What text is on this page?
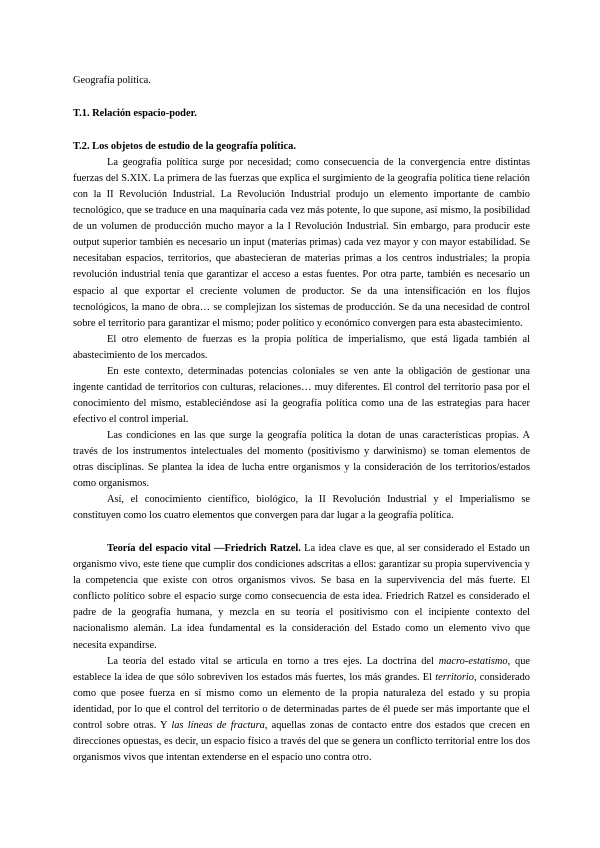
Geografía política.
T.1. Relación espacio-poder.
T.2. Los objetos de estudio de la geografía política.

La geografía política surge por necesidad; como consecuencia de la convergencia entre distintas fuerzas del S.XIX. La primera de las fuerzas que explica el surgimiento de la geografía política tiene relación con la II Revolución Industrial. La Revolución Industrial produjo un elemento importante de cambio tecnológico, que se traduce en una maquinaria cada vez más potente, lo que supone, así mismo, la posibilidad de un volumen de producción mucho mayor a la I Revolución Industrial. Sin embargo, para producir este output superior también es necesario un input (materias primas) cada vez mayor y con mayor estabilidad. Se necesitaban espacios, territorios, que abastecieran de materias primas a los centros industriales; la propia revolución industrial tenía que garantizar el acceso a estas fuentes. Por otra parte, también es necesario un espacio al que exportar el creciente volumen de productor. Se da una intensificación en los flujos tecnológicos, la mano de obra… se complejizan los sistemas de producción. Se da una necesidad de control sobre el territorio para garantizar el mismo; poder político y económico convergen para esta abastecimiento.

El otro elemento de fuerzas es la propia política de imperialismo, que está ligada también al abastecimiento de los mercados.

En este contexto, determinadas potencias coloniales se ven ante la obligación de gestionar una ingente cantidad de territorios con culturas, relaciones… muy diferentes. El control del territorio pasa por el conocimiento del mismo, estableciéndose así la geografía política como una de las estrategias para hacer efectivo el control imperial.

Las condiciones en las que surge la geografía política la dotan de unas características propias. A través de los instrumentos intelectuales del momento (positivismo y darwinismo) se toman elementos de otras disciplinas. Se plantea la idea de lucha entre organismos y la consideración de los territorios/estados como organismos.

Así, el conocimiento científico, biológico, la II Revolución Industrial y el Imperialismo se constituyen como los cuatro elementos que convergen para dar lugar a la geografía política.

Teoría del espacio vital —Friedrich Ratzel. La idea clave es que, al ser considerado el Estado un organismo vivo, este tiene que cumplir dos condiciones adscritas a ellos: garantizar su propia supervivencia y la competencia que existe con otros organismos vivos. Se basa en la supervivencia del más fuerte. El conflicto político sobre el espacio surge como consecuencia de esta idea. Friedrich Ratzel es considerado el padre de la geografía humana, y mezcla en su teoría el positivismo con el incipiente contexto del nacionalismo alemán. La idea fundamental es la consideración del Estado como un elemento vivo que necesita expandirse.

La teoría del estado vital se articula en torno a tres ejes. La doctrina del macro-estatismo, que establece la idea de que sólo sobreviven los estados más fuertes, los más grandes. El territorio, considerado como que posee fuerza en sí mismo como un elemento de la propia naturaleza del estado y su propia identidad, por lo que el control del territorio o de determinadas partes de él puede ser más importante que el control sobre otras. Y las líneas de fractura, aquellas zonas de contacto entre dos estados que crecen en direcciones opuestas, es decir, un espacio físico a través del que se genera un conflicto territorial entre los dos organismos vivos que intentan extenderse en el espacio uno contra otro.
